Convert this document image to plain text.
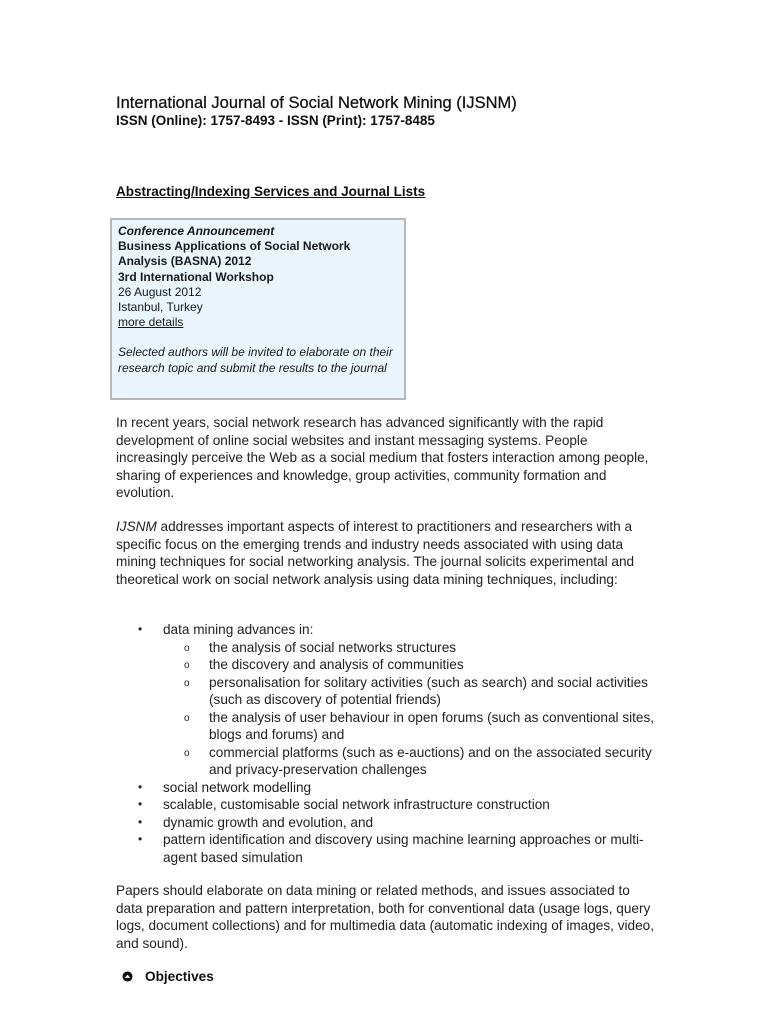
International Journal of Social Network Mining (IJSNM)

ISSN (Online): 1757-8493 - ISSN (Print): 1757-8485

Abstracting/Indexing Services and Journal Lists
Conference Announcement
Business Applications of Social Network
Analysis (BASNA) 2012
3rd International Workshop
26 August 2012
Istanbul, Turkey
more details
Selected authors will be invited to elaborate on their research topic and submit the results to the journal

In recent years, social network research has advanced significantly with the rapid development of online social websites and instant messaging systems. People increasingly perceive the Web as a social medium that fosters interaction among people, sharing of experiences and knowledge, group activities, community formation and evolution.

IJSNM addresses important aspects of interest to practitioners and researchers with a specific focus on the emerging trends and industry needs associated with using data mining techniques for social networking analysis. The journal solicits experimental and theoretical work on social network analysis using data mining techniques, including:

• data mining advances in:
o the analysis of social networks structures
o the discovery and analysis of communities
o personalisation for solitary activities (such as search) and social activities (such as discovery of potential friends)
o the analysis of user behaviour in open forums (such as conventional sites, blogs and forums) and
o commercial platforms (such as e-auctions) and on the associated security and privacy-preservation challenges
• social network modelling
• scalable, customisable social network infrastructure construction
• dynamic growth and evolution, and
• pattern identification and discovery using machine learning approaches or multi-agent based simulation

Papers should elaborate on data mining or related methods, and issues associated to data preparation and pattern interpretation, both for conventional data (usage logs, query logs, document collections) and for multimedia data (automatic indexing of images, video, and sound).

Objectives
